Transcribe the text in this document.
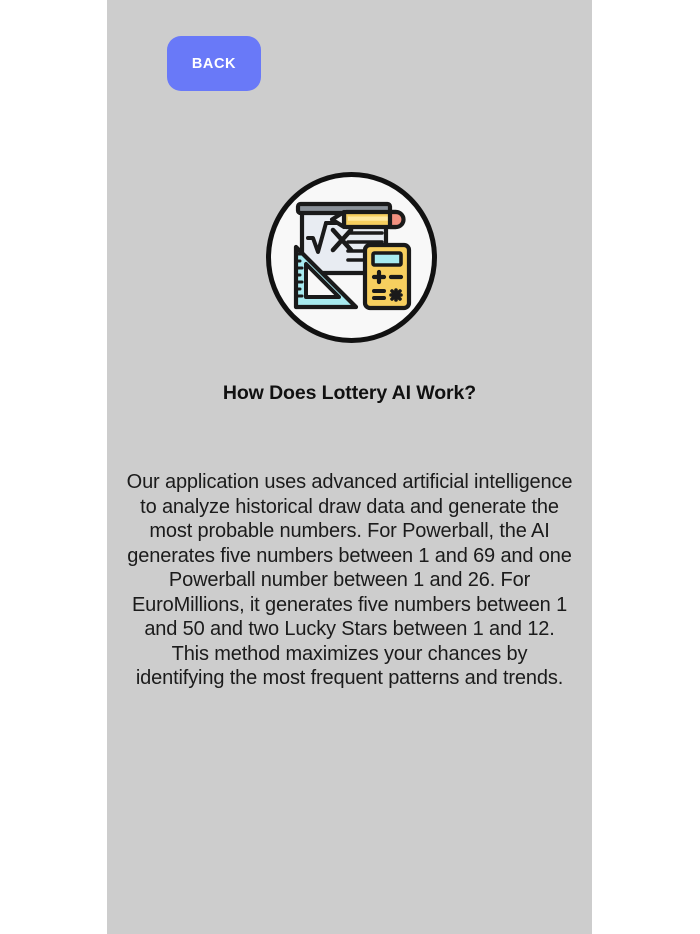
BACK
How Does Lottery AI Work?
Our application uses advanced artificial intelligence to analyze historical draw data and generate the most probable numbers. For Powerball, the AI generates five numbers between 1 and 69 and one Powerball number between 1 and 26. For EuroMillions, it generates five numbers between 1 and 50 and two Lucky Stars between 1 and 12. This method maximizes your chances by identifying the most frequent patterns and trends.
